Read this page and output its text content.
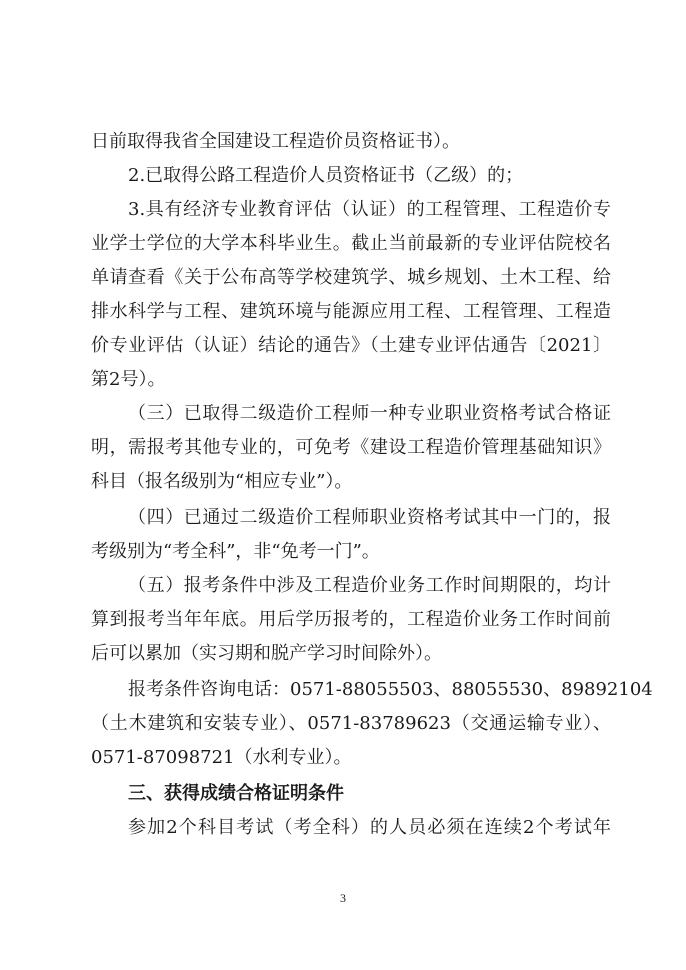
日前取得我省全国建设工程造价员资格证书）。
2.已取得公路工程造价人员资格证书（乙级）的；
3.具有经济专业教育评估（认证）的工程管理、工程造价专
业学士学位的大学本科毕业生。截止当前最新的专业评估院校名
单请查看《关于公布高等学校建筑学、城乡规划、土木工程、给
排水科学与工程、建筑环境与能源应用工程、工程管理、工程造
价专业评估（认证）结论的通告》（土建专业评估通告〔2021〕
第2号）。
（三）已取得二级造价工程师一种专业职业资格考试合格证
明，需报考其他专业的，可免考《建设工程造价管理基础知识》
科目（报名级别为“相应专业”）。
（四）已通过二级造价工程师职业资格考试其中一门的，报
考级别为“考全科”，非“免考一门”。
（五）报考条件中涉及工程造价业务工作时间期限的，均计
算到报考当年年底。用后学历报考的，工程造价业务工作时间前
后可以累加（实习期和脱产学习时间除外）。
报考条件咨询电话：0571-88055503、88055530、89892104
（土木建筑和安装专业）、0571-83789623（交通运输专业）、
0571-87098721（水利专业）。
三、获得成绩合格证明条件
参加2个科目考试（考全科）的人员必须在连续2个考试年
3
